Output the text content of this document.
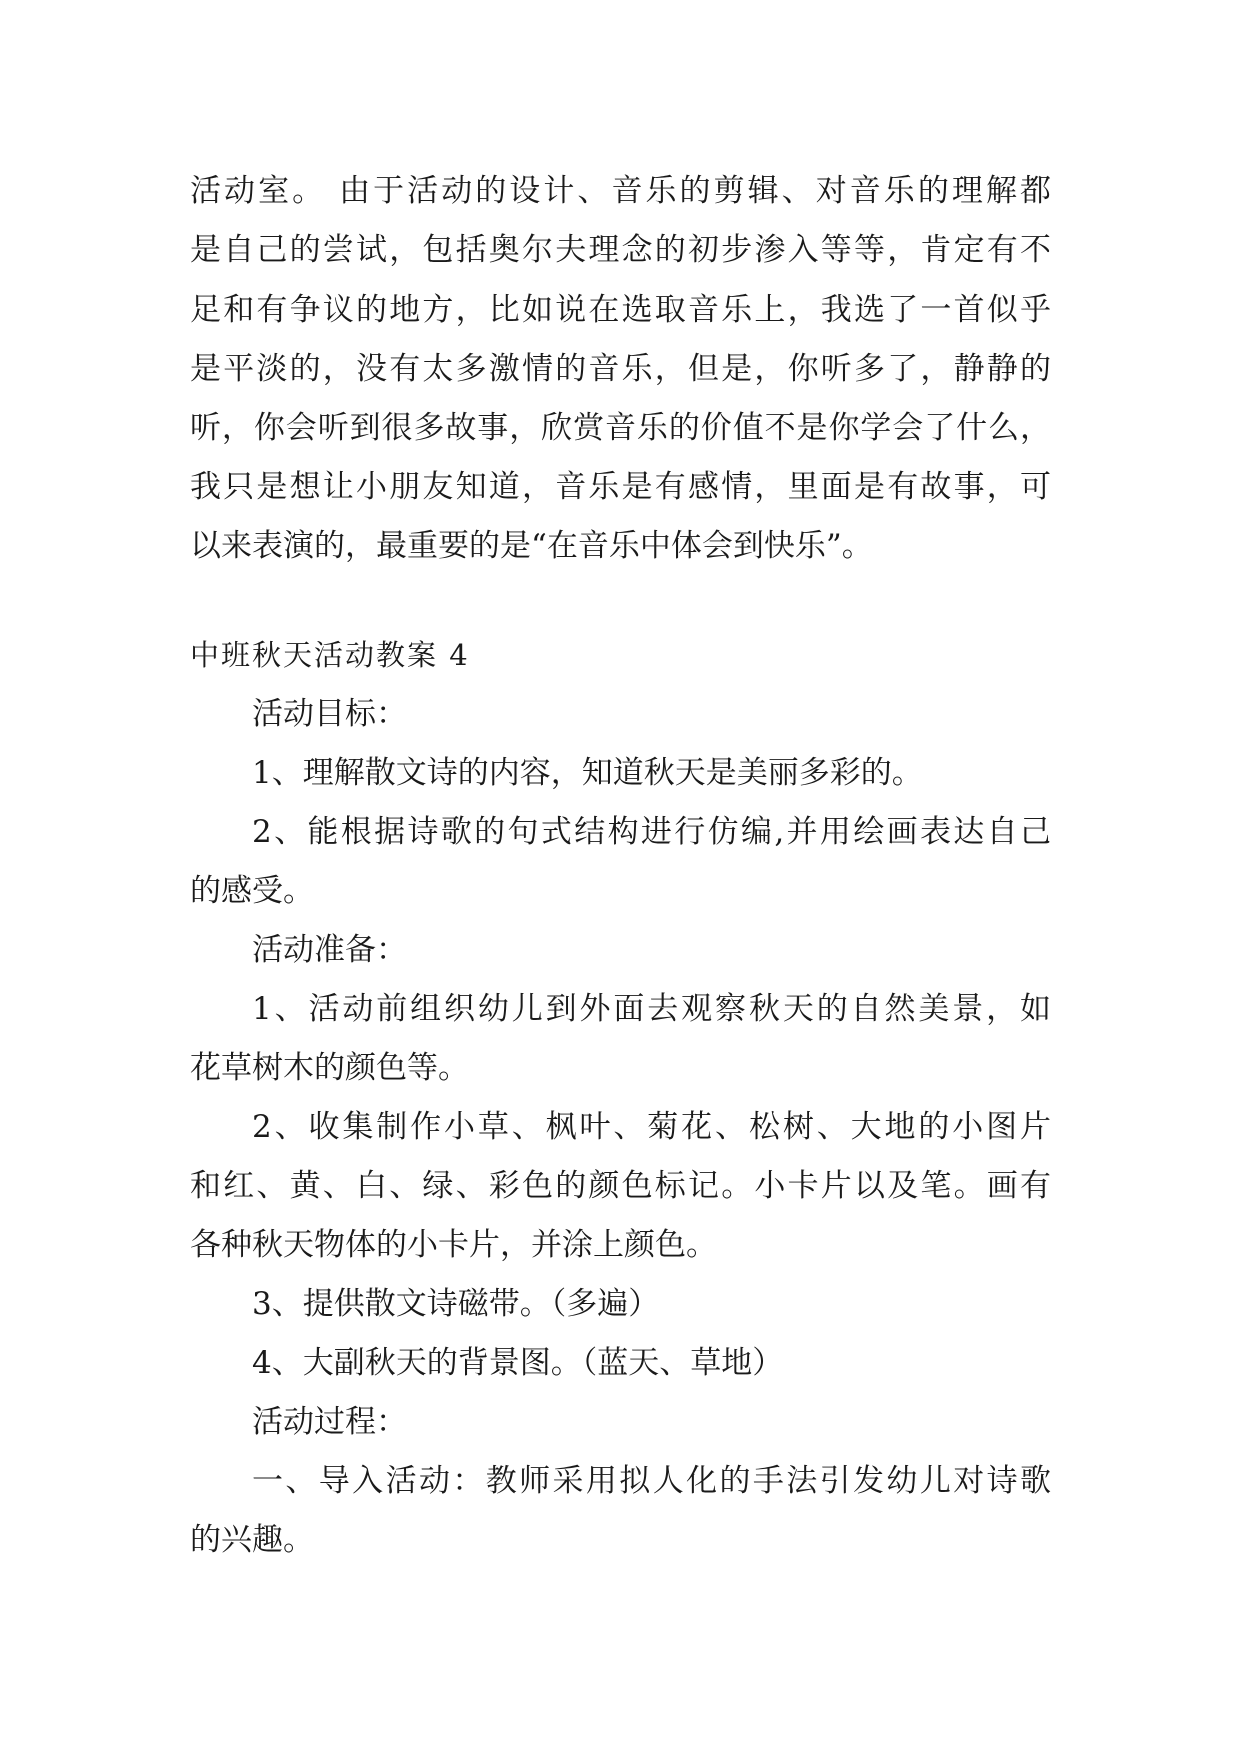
活动室。 由于活动的设计、音乐的剪辑、对音乐的理解都
是自己的尝试，包括奥尔夫理念的初步渗入等等，肯定有不
足和有争议的地方，比如说在选取音乐上，我选了一首似乎
是平淡的，没有太多激情的音乐，但是，你听多了，静静的
听，你会听到很多故事，欣赏音乐的价值不是你学会了什么，
我只是想让小朋友知道，音乐是有感情，里面是有故事，可
以来表演的，最重要的是“在音乐中体会到快乐”。
中班秋天活动教案 4
活动目标：
1、理解散文诗的内容，知道秋天是美丽多彩的。
2、能根据诗歌的句式结构进行仿编,并用绘画表达自己
的感受。
活动准备：
1、活动前组织幼儿到外面去观察秋天的自然美景，如
花草树木的颜色等。
2、收集制作小草、枫叶、菊花、松树、大地的小图片
和红、黄、白、绿、彩色的颜色标记。小卡片以及笔。画有
各种秋天物体的小卡片，并涂上颜色。
3、提供散文诗磁带。（多遍）
4、大副秋天的背景图。（蓝天、草地）
活动过程：
一、导入活动：教师采用拟人化的手法引发幼儿对诗歌
的兴趣。
